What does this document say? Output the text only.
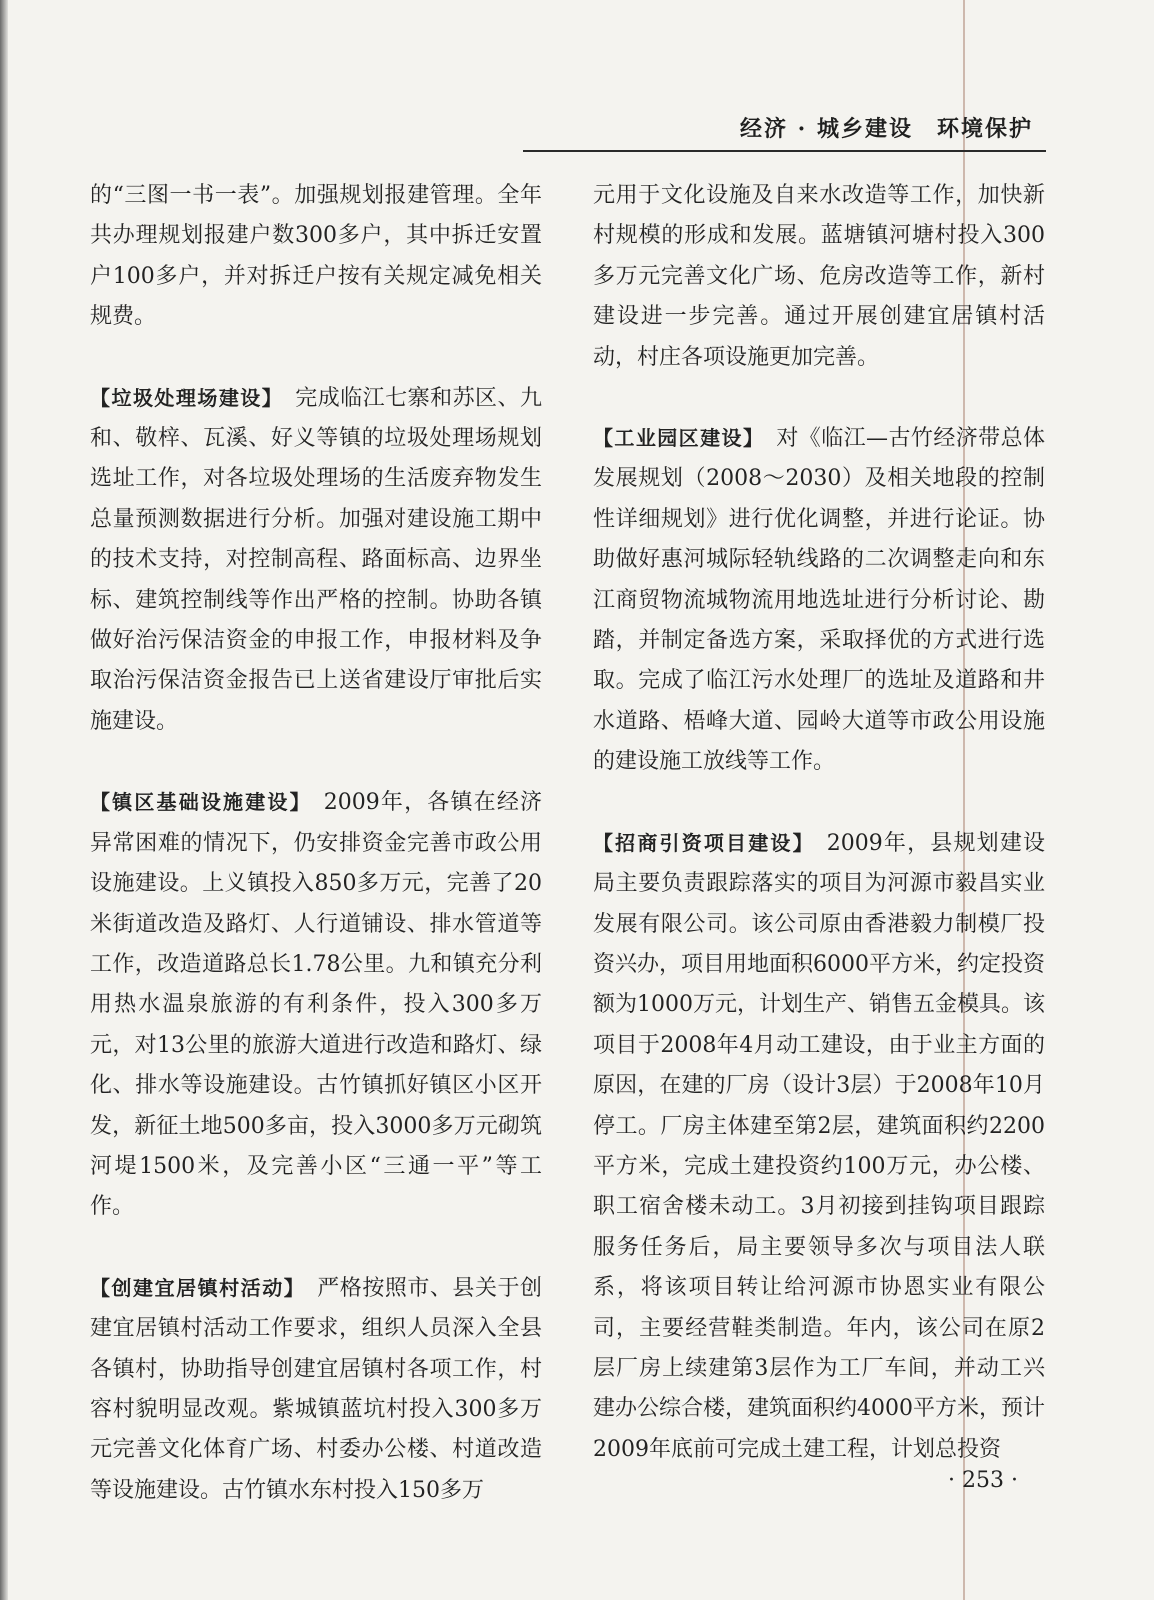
经济 · 城乡建设　环境保护

的“三图一书一表”。加强规划报建管理。全年共办理规划报建户数300多户，其中拆迁安置户100多户，并对拆迁户按有关规定减免相关规费。

【垃圾处理场建设】 完成临江七寨和苏区、九和、敬梓、瓦溪、好义等镇的垃圾处理场规划选址工作，对各垃圾处理场的生活废弃物发生总量预测数据进行分析。加强对建设施工期中的技术支持，对控制高程、路面标高、边界坐标、建筑控制线等作出严格的控制。协助各镇做好治污保洁资金的申报工作，申报材料及争取治污保洁资金报告已上送省建设厅审批后实施建设。

【镇区基础设施建设】 2009年，各镇在经济异常困难的情况下，仍安排资金完善市政公用设施建设。上义镇投入850多万元，完善了20米街道改造及路灯、人行道铺设、排水管道等工作，改造道路总长1.78公里。九和镇充分利用热水温泉旅游的有利条件，投入300多万元，对13公里的旅游大道进行改造和路灯、绿化、排水等设施建设。古竹镇抓好镇区小区开发，新征土地500多亩，投入3000多万元砌筑河堤1500米，及完善小区“三通一平”等工作。

【创建宜居镇村活动】 严格按照市、县关于创建宜居镇村活动工作要求，组织人员深入全县各镇村，协助指导创建宜居镇村各项工作，村容村貌明显改观。紫城镇蓝坑村投入300多万元完善文化体育广场、村委办公楼、村道改造等设施建设。古竹镇水东村投入150多万

元用于文化设施及自来水改造等工作，加快新村规模的形成和发展。蓝塘镇河塘村投入300多万元完善文化广场、危房改造等工作，新村建设进一步完善。通过开展创建宜居镇村活动，村庄各项设施更加完善。

【工业园区建设】 对《临江—古竹经济带总体发展规划（2008～2030）及相关地段的控制性详细规划》进行优化调整，并进行论证。协助做好惠河城际轻轨线路的二次调整走向和东江商贸物流城物流用地选址进行分析讨论、勘踏，并制定备选方案，采取择优的方式进行选取。完成了临江污水处理厂的选址及道路和井水道路、梧峰大道、园岭大道等市政公用设施的建设施工放线等工作。

【招商引资项目建设】 2009年，县规划建设局主要负责跟踪落实的项目为河源市毅昌实业发展有限公司。该公司原由香港毅力制模厂投资兴办，项目用地面积6000平方米，约定投资额为1000万元，计划生产、销售五金模具。该项目于2008年4月动工建设，由于业主方面的原因，在建的厂房（设计3层）于2008年10月停工。厂房主体建至第2层，建筑面积约2200平方米，完成土建投资约100万元，办公楼、职工宿舍楼未动工。3月初接到挂钩项目跟踪服务任务后，局主要领导多次与项目法人联系，将该项目转让给河源市协恩实业有限公司，主要经营鞋类制造。年内，该公司在原2层厂房上续建第3层作为工厂车间，并动工兴建办公综合楼，建筑面积约4000平方米，预计2009年底前可完成土建工程，计划总投资

· 253 ·
